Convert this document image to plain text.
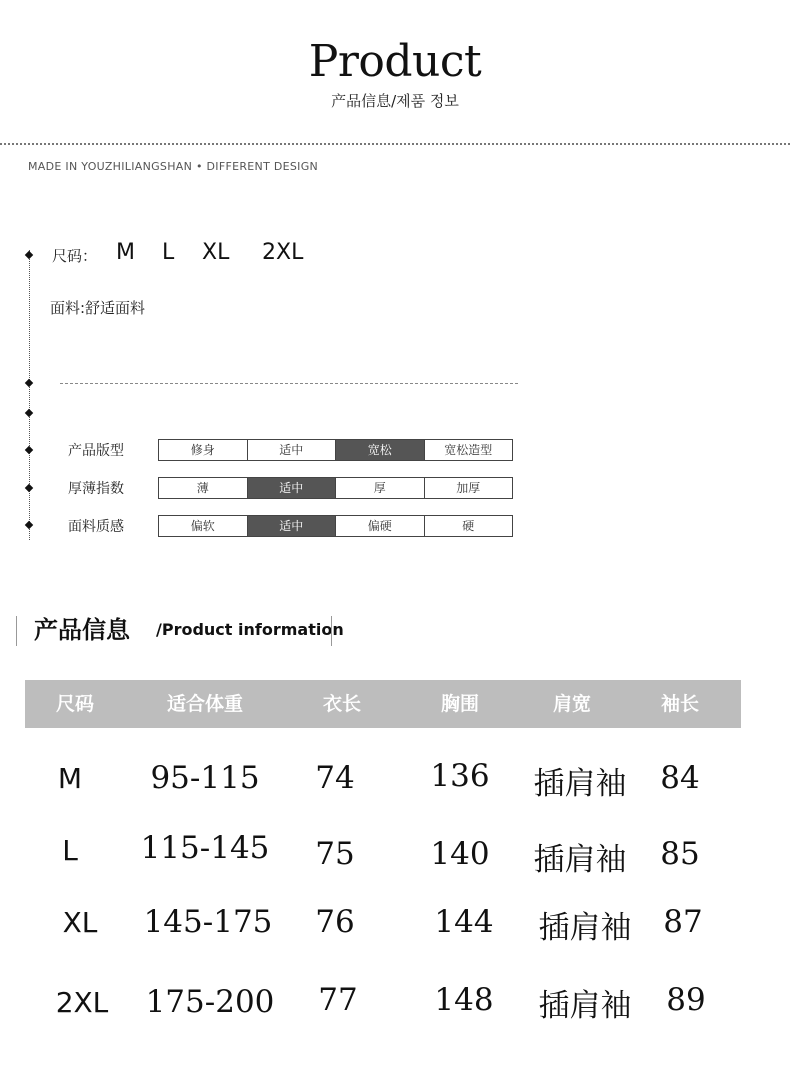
Product
产品信息/제품 정보
MADE IN YOUZHILIANGSHAN • DIFFERENT DESIGN
尺码： M	L	XL	2XL
面料:舒适面料
产品版型	修身	适中	宽松	宽松造型
厚薄指数	薄	适中	厚	加厚
面料质感	偏软	适中	偏硬	硬
产品信息 /Product information
尺码	适合体重	衣长	胸围	肩宽	袖长
M	95-115	74	136	插肩袖	84
L	115-145	75	140	插肩袖	85
XL 145-175	76	144	插肩袖	87
2XL 175-200	77	148	插肩袖	89
